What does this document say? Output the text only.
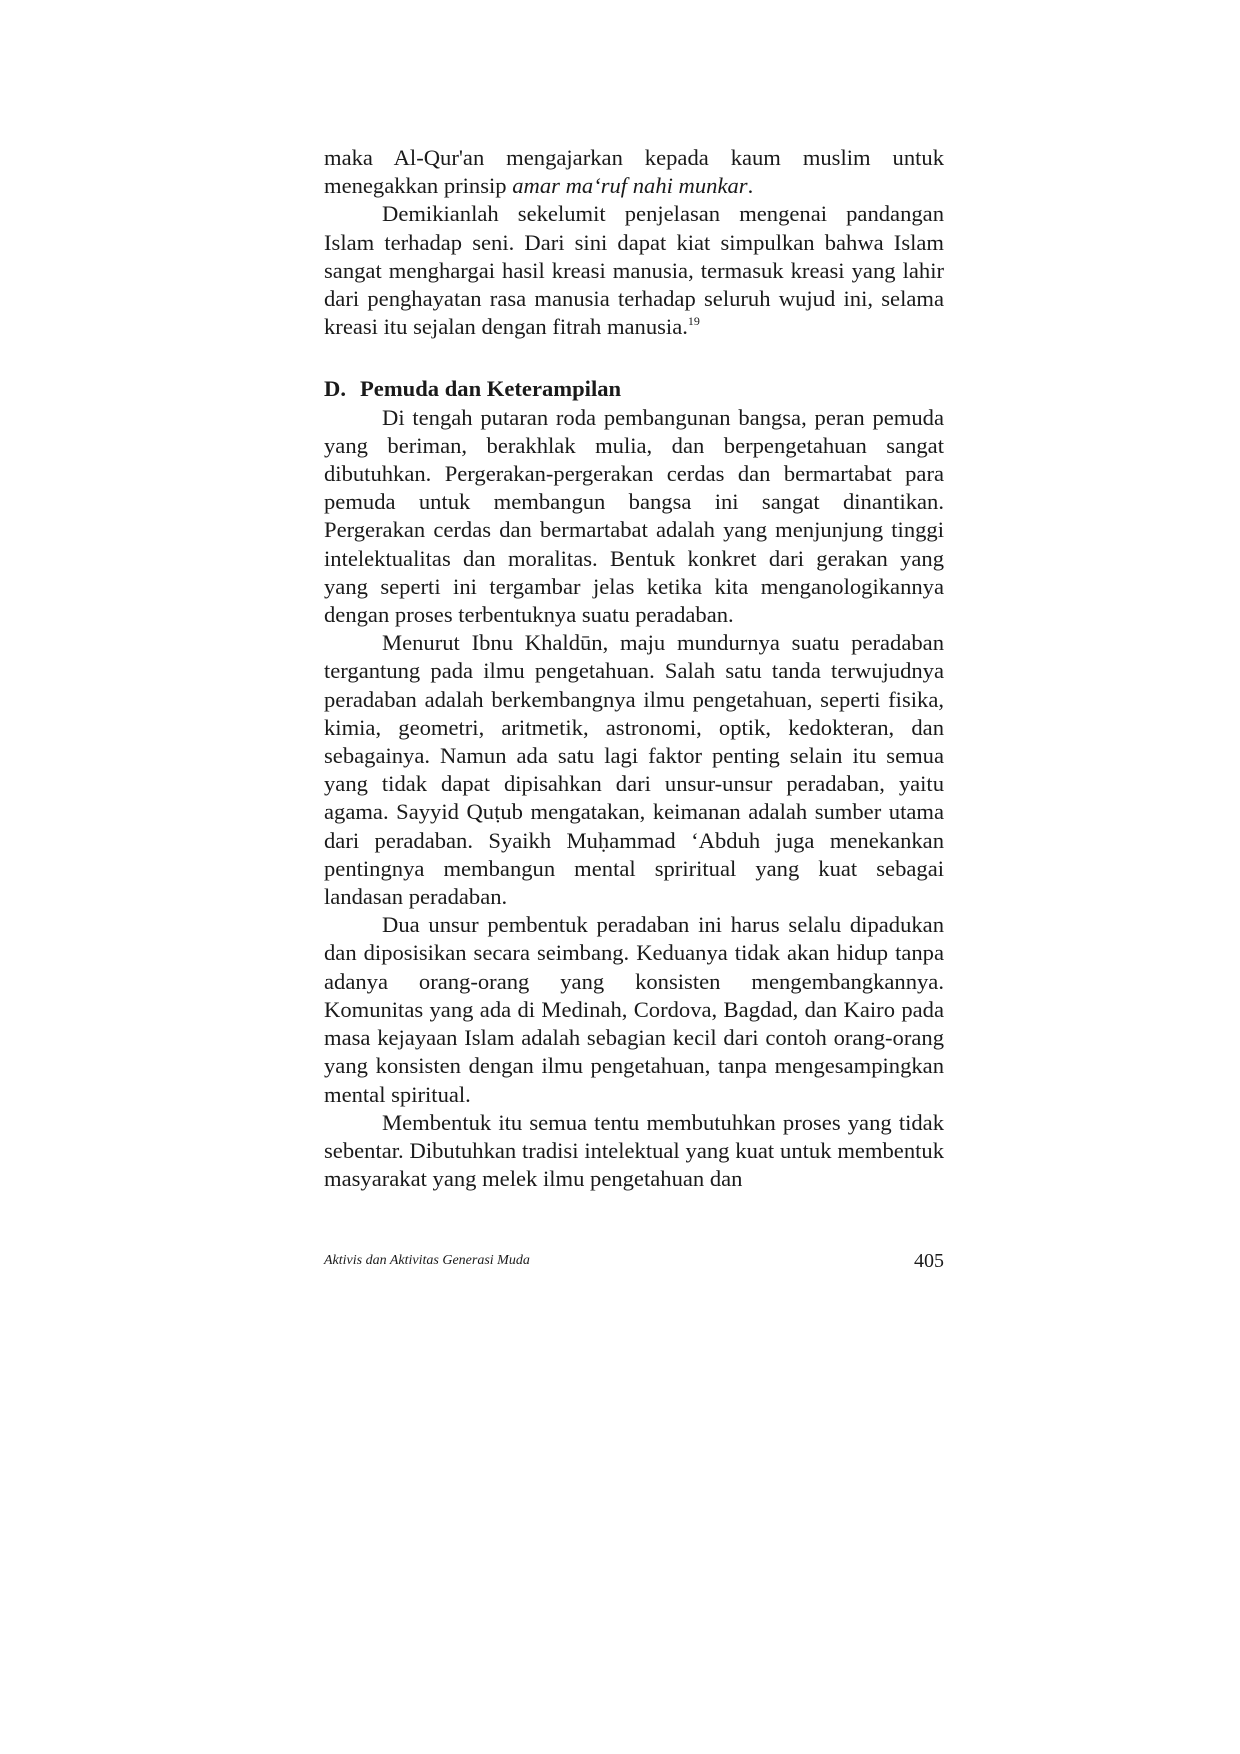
maka Al-Qur'an mengajarkan kepada kaum muslim untuk menegakkan prinsip amar ma‘ruf nahi munkar.

Demikianlah sekelumit penjelasan mengenai pandangan Islam terhadap seni. Dari sini dapat kiat simpulkan bahwa Islam sangat menghargai hasil kreasi manusia, termasuk kreasi yang lahir dari penghayatan rasa manusia terhadap seluruh wujud ini, selama kreasi itu sejalan dengan fitrah manusia.$^{19}$

D. Pemuda dan Keterampilan

Di tengah putaran roda pembangunan bangsa, peran pemuda yang beriman, berakhlak mulia, dan berpengetahuan sangat dibutuhkan. Pergerakan-pergerakan cerdas dan bermartabat para pemuda untuk membangun bangsa ini sangat dinantikan. Pergerakan cerdas dan bermartabat adalah yang menjunjung tinggi intelektualitas dan moralitas. Bentuk konkret dari gerakan yang yang seperti ini tergambar jelas ketika kita menganologikannya dengan proses terbentuknya suatu peradaban.

Menurut Ibnu Khaldūn, maju mundurnya suatu peradaban tergantung pada ilmu pengetahuan. Salah satu tanda terwujudnya peradaban adalah berkembangnya ilmu pengetahuan, seperti fisika, kimia, geometri, aritmetik, astronomi, optik, kedokteran, dan sebagainya. Namun ada satu lagi faktor penting selain itu semua yang tidak dapat dipisahkan dari unsur-unsur peradaban, yaitu agama. Sayyid Quṭub mengatakan, keimanan adalah sumber utama dari peradaban. Syaikh Muḥammad ‘Abduh juga menekankan pentingnya membangun mental spriritual yang kuat sebagai landasan peradaban.

Dua unsur pembentuk peradaban ini harus selalu dipadukan dan diposisikan secara seimbang. Keduanya tidak akan hidup tanpa adanya orang-orang yang konsisten mengembangkannya. Komunitas yang ada di Medinah, Cordova, Bagdad, dan Kairo pada masa kejayaan Islam adalah sebagian kecil dari contoh orang-orang yang konsisten dengan ilmu pengetahuan, tanpa mengesampingkan mental spiritual.

Membentuk itu semua tentu membutuhkan proses yang tidak sebentar. Dibutuhkan tradisi intelektual yang kuat untuk membentuk masyarakat yang melek ilmu pengetahuan dan

Aktivis dan Aktivitas Generasi Muda	405
